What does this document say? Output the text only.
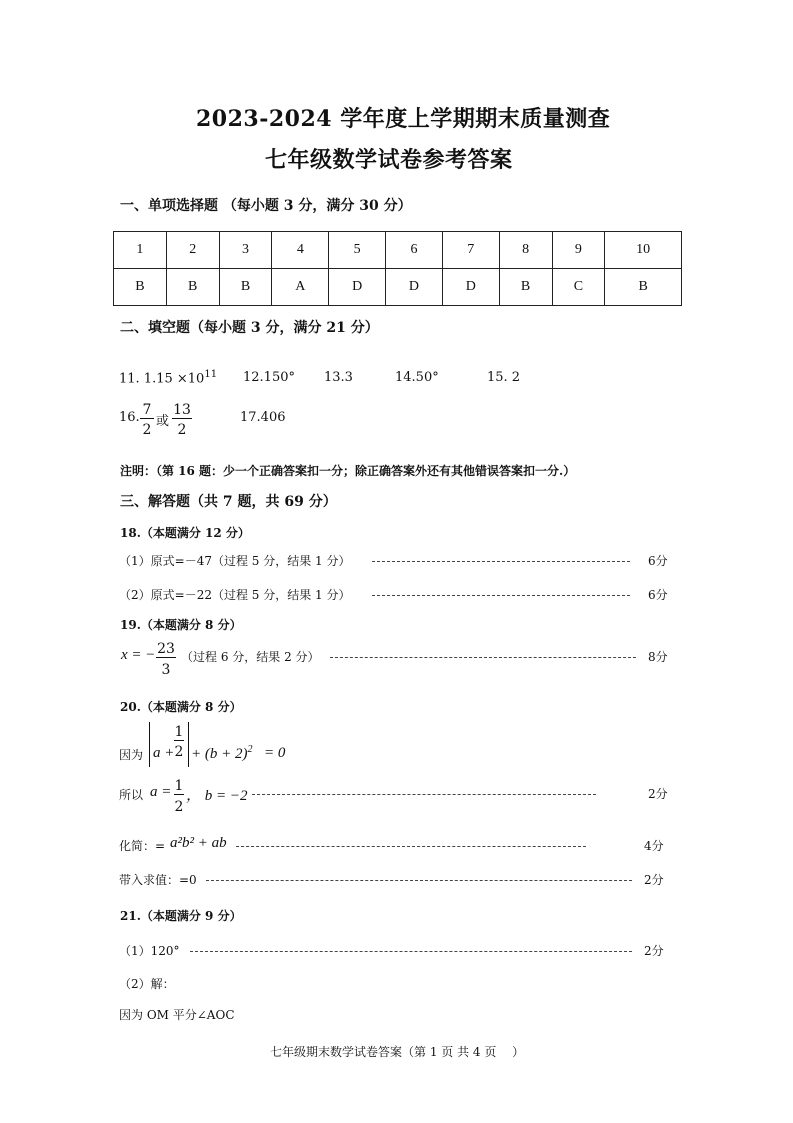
2023-2024 学年度上学期期末质量测查
七年级数学试卷参考答案
一、单项选择题 （每小题 3 分，满分 30 分）
1	2	3	4	5	6	7	8	9	10
B	B	B	A	D	D	D	B	C	B
二、填空题（每小题 3 分，满分 21 分）
11. $1.15 \times 10^{11}$ 12.150° 13.3	14.50°	15. 2
16. $\frac{7}{2}$ 或 $\frac{13}{2}$	17.406
注明：（第 16 题：少一个正确答案扣一分；除正确答案外还有其他错误答案扣一分.）
三、解答题（共 7 题，共 69 分）
18.（本题满分 12 分）
（1）原式=－47（过程 5 分，结果 1 分）	6分
（2）原式=－22（过程 5 分，结果 1 分）	6分
19.（本题满分 8 分）
x = − $\frac{23}{3}$ （过程 6 分，结果 2 分）	8分
20.（本题满分 8 分）
因为 $a + \frac{1}{2} + (b + 2)^2 = 0$
所以 $a = \frac{1}{2}$ ， b = −2	2分
化简：= a²b² + ab	4分
带入求值：=0	2分
21.（本题满分 9 分）
（1）120°	2分
（2）解：
因为 OM 平分∠AOC
七年级期末数学试卷答案（第 1 页 共 4 页　 ）
